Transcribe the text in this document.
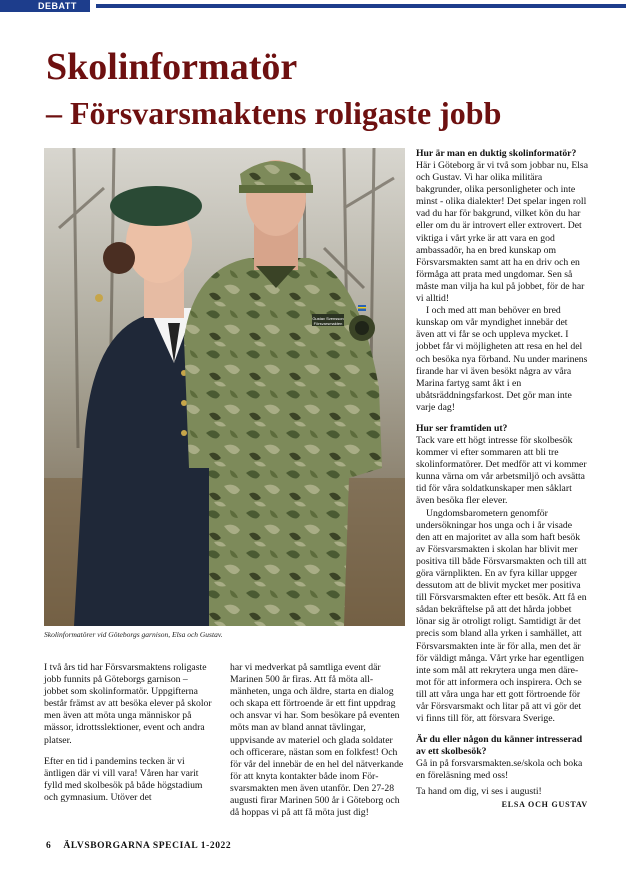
DEBATT
Skolinformatör
– Försvarsmaktens roligaste jobb
Gustav Svensson
Försvarsmakten
Skolinformatörer vid Göteborgs garnison, Elsa och Gustav.

I två års tid har Försvarsmaktens roligaste jobb funnits på Göteborgs garnison – jobbet som skolinformatör. Uppgifterna består främst av att besöka elever på skolor men även att möta unga människor på mässor, idrottsslektioner, event och andra platser.

Efter en tid i pandemins tecken är vi äntligen där vi vill vara! Våren har varit fylld med skolbesök på både högstadium och gymnasium. Utöver det

har vi medverkat på samtliga event där Marinen 500 år firas. Att få möta allmänheten, unga och äldre, starta en dialog och skapa ett förtroende är ett fint uppdrag och ansvar vi har. Som besökare på eventen möts man av bland annat tävlingar, uppvisande av materiel och glada soldater och officerare, nästan som en folkfest! Och för vår del innebär de en hel del nätverkande för att knyta kontakter både inom Försvarsmakten men även utanför. Den 27-28 augusti firar Marinen 500 år i Göteborg och då hoppas vi på att få möta just dig!

Hur är man en duktig skolinformatör?

Här i Göteborg är vi två som jobbar nu, Elsa och Gustav. Vi har olika militära bakgrunder, olika personligheter och inte minst - olika dialekter! Det spelar ingen roll vad du har för bakgrund, vilket kön du har eller om du är introvert eller extrovert. Det viktiga i vårt yrke är att vara en god ambassadör, ha en bred kunskap om Försvarsmakten samt att ha en driv och en förmåga att prata med ungdomar. Sen så måste man vilja ha kul på jobbet, för de har vi alltid!

I och med att man behöver en bred kunskap om vår myndighet innebär det även att vi får se och uppleva mycket. I jobbet får vi möjligheten att resa en hel del och besöka nya förband. Nu under marinens firande har vi även besökt några av våra Marina fartyg samt åkt i en ubåtsräddningsfarkost. Det gör man inte varje dag!

Hur ser framtiden ut?

Tack vare ett högt intresse för skolbesök kommer vi efter sommaren att bli tre skolinformatörer. Det medför att vi kommer kunna värna om vår arbetsmiljö och avsätta tid för våra soldatkunskaper men såklart även besöka fler elever.

Ungdomsbarometern genomför undersökningar hos unga och i år visade den att en majoritet av alla som haft besök av Försvarsmakten i skolan har blivit mer positiva till både Försvarsmakten och till att göra värnplikten. En av fyra killar uppger dessutom att de blivit mycket mer positiva till Försvarsmakten efter ett besök. Att få en sådan bekräftelse på att det hårda jobbet lönar sig är otroligt roligt. Samtidigt är det precis som bland alla yrken i samhället, att Försvarsmakten inte är för alla, men det är för väldigt många. Vårt yrke har egentligen inte som mål att rekrytera unga men däremot för att informera och inspirera. Och se till att våra unga har ett gott förtroende för vår Försvarsmakt och litar på att vi gör det vi finns till för, att försvara Sverige.

Är du eller någon du känner intresserad av ett skolbesök?

Gå in på forsvarsmakten.se/skola och boka en föreläsning med oss!

Ta hand om dig, vi ses i augusti!

ELSA OCH GUSTAV
6 ÄLVSBORGARNA SPECIAL 1-2022
